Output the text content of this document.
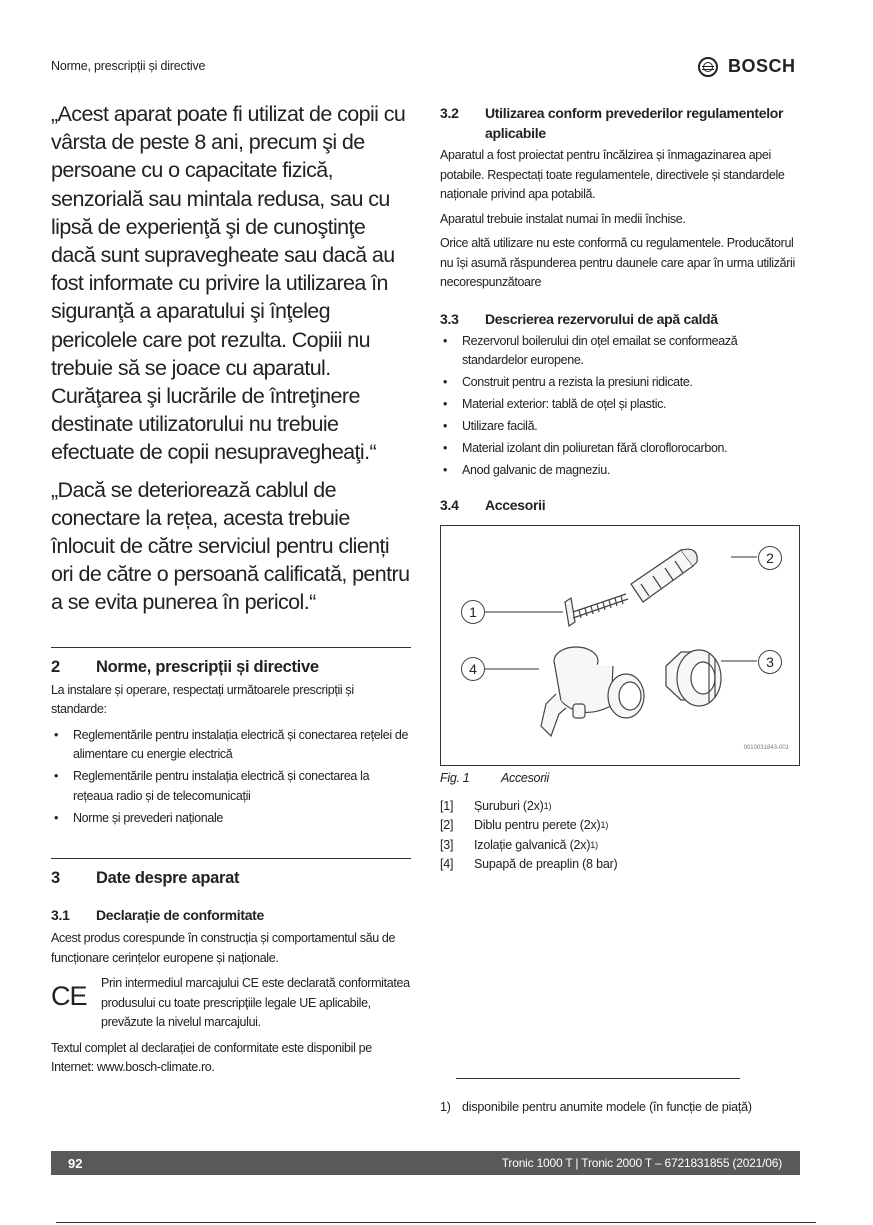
Norme, prescripții și directive	BOSCH

„Acest aparat poate fi utilizat de copii cu vârsta de peste 8 ani, precum şi de persoane cu o capacitate fizică, senzorială sau mintala redusa, sau cu lipsă de experienţă şi de cunoştinţe dacă sunt supravegheate sau dacă au fost informate cu privire la utilizarea în siguranţă a aparatului şi înţeleg pericolele care pot rezulta. Copiii nu trebuie să se joace cu aparatul. Curăţarea şi lucrările de întreţinere destinate utilizatorului nu trebuie efectuate de copii nesupravegheaţi.“

„Dacă se deteriorează cablul de conectare la rețea, acesta trebuie înlocuit de către serviciul pentru clienți ori de către o persoană calificată, pentru a se evita punerea în pericol.“

2	Norme, prescripții și directive

La instalare și operare, respectați următoarele prescripții și standarde:

• Reglementările pentru instalația electrică și conectarea rețelei de alimentare cu energie electrică
• Reglementările pentru instalația electrică și conectarea la rețeaua radio și de telecomunicații
• Norme și prevederi naționale
3	Date despre aparat
3.1	Declarație de conformitate

Acest produs corespunde în construcția și comportamentul său de funcționare cerințelor europene și naționale.

CE	Prin intermediul marcajului CE este declarată conformitatea produsului cu toate prescripţiile legale UE aplicabile, prevăzute la nivelul marcajului.

Textul complet al declarației de conformitate este disponibil pe Internet: www.bosch-climate.ro.

3.2	Utilizarea conform prevederilor regulamentelor aplicabile

Aparatul a fost proiectat pentru încălzirea și înmagazinarea apei potabile. Respectați toate regulamentele, directivele și standardele naționale privind apa potabilă.

Aparatul trebuie instalat numai în medii închise.

Orice altă utilizare nu este conformă cu regulamentele. Producătorul nu își asumă răspunderea pentru daunele care apar în urma utilizării necorespunzătoare

3.3	Descrierea rezervorului de apă caldă
• Rezervorul boilerului din oțel emailat se conformează standardelor europene.
• Construit pentru a rezista la presiuni ridicate.
• Material exterior: tablă de oțel și plastic.
• Utilizare facilă.
• Material izolant din poliuretan fără cloroflorocarbon.
• Anod galvanic de magneziu.
3.4	Accesorii
2
1
4	3
0010031843-001
Fig. 1	Accesorii
[1]	Șuruburi (2x) 1)
[2]	Diblu pentru perete (2x) 1)
[3]	Izolație galvanică (2x) 1)
[4]	Supapă de preaplin (8 bar)
1) disponibile pentru anumite modele (în funcție de piață)
92	Tronic 1000 T | Tronic 2000 T – 6721831855 (2021/06)
